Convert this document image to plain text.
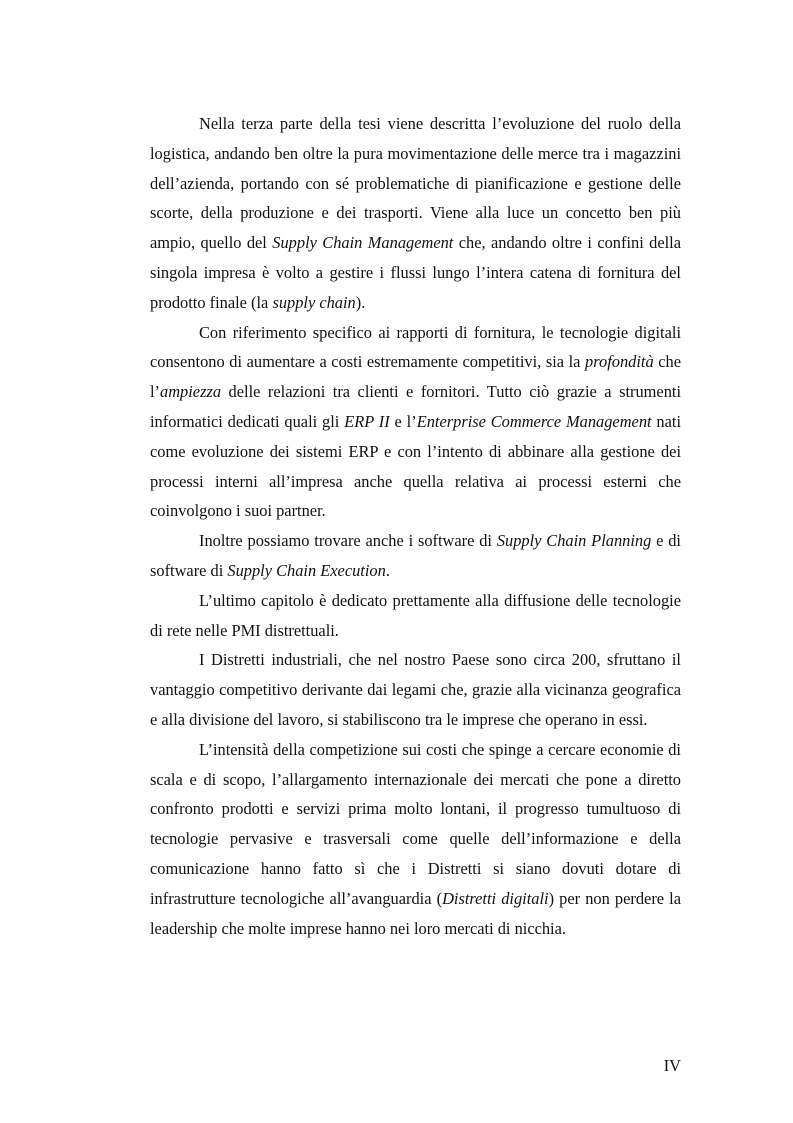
Nella terza parte della tesi viene descritta l’evoluzione del ruolo della logistica, andando ben oltre la pura movimentazione delle merce tra i magazzini dell’azienda, portando con sé problematiche di pianificazione e gestione delle scorte, della produzione e dei trasporti. Viene alla luce un concetto ben più ampio, quello del Supply Chain Management che, andando oltre i confini della singola impresa è volto a gestire i flussi lungo l’intera catena di fornitura del prodotto finale (la supply chain).

Con riferimento specifico ai rapporti di fornitura, le tecnologie digitali consentono di aumentare a costi estremamente competitivi, sia la profondità che l’ampiezza delle relazioni tra clienti e fornitori. Tutto ciò grazie a strumenti informatici dedicati quali gli ERP II e l’Enterprise Commerce Management nati come evoluzione dei sistemi ERP e con l’intento di abbinare alla gestione dei processi interni all’impresa anche quella relativa ai processi esterni che coinvolgono i suoi partner.

Inoltre possiamo trovare anche i software di Supply Chain Planning e di software di Supply Chain Execution.

L’ultimo capitolo è dedicato prettamente alla diffusione delle tecnologie di rete nelle PMI distrettuali.

I Distretti industriali, che nel nostro Paese sono circa 200, sfruttano il vantaggio competitivo derivante dai legami che, grazie alla vicinanza geografica e alla divisione del lavoro, si stabiliscono tra le imprese che operano in essi.

L’intensità della competizione sui costi che spinge a cercare economie di scala e di scopo, l’allargamento internazionale dei mercati che pone a diretto confronto prodotti e servizi prima molto lontani, il progresso tumultuoso di tecnologie pervasive e trasversali come quelle dell’informazione e della comunicazione hanno fatto sì che i Distretti si siano dovuti dotare di infrastrutture tecnologiche all’avanguardia (Distretti digitali) per non perdere la leadership che molte imprese hanno nei loro mercati di nicchia.

IV
